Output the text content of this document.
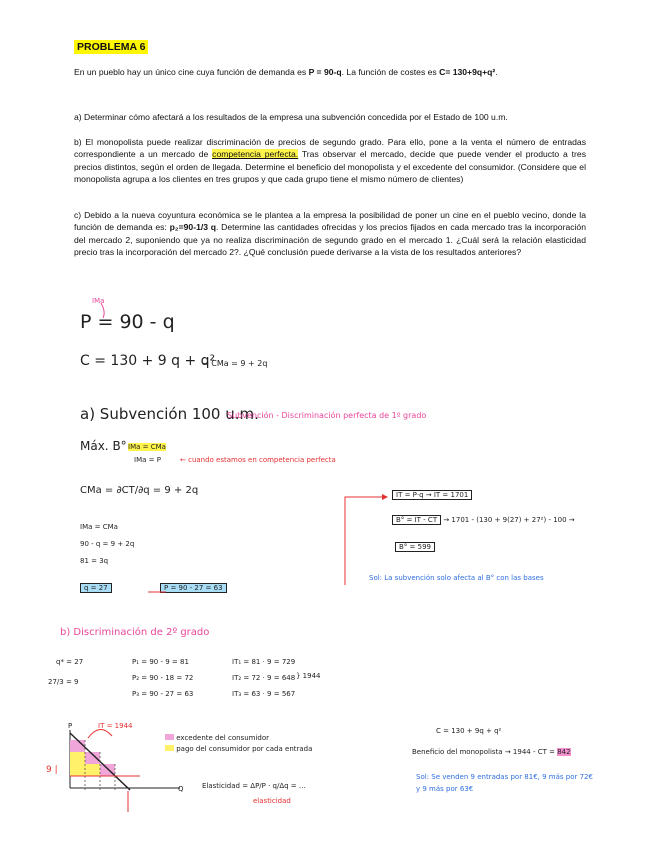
PROBLEMA 6
En un pueblo hay un único cine cuya función de demanda es P = 90-q. La función de costes es C= 130+9q+q².
a) Determinar cómo afectará a los resultados de la empresa una subvención concedida por el Estado de 100 u.m.
b) El monopolista puede realizar discriminación de precios de segundo grado. Para ello, pone a la venta el número de entradas correspondiente a un mercado de competencia perfecta. Tras observar el mercado, decide que puede vender el producto a tres precios distintos, según el orden de llegada. Determine el beneficio del monopolista y el excedente del consumidor. (Considere que el monopolista agrupa a los clientes en tres grupos y que cada grupo tiene el mismo número de clientes)
c) Debido a la nueva coyuntura económica se le plantea a la empresa la posibilidad de poner un cine en el pueblo vecino, donde la función de demanda es: p₂=90-1/3 q. Determine las cantidades ofrecidas y los precios fijados en cada mercado tras la incorporación del mercado 2, suponiendo que ya no realiza discriminación de segundo grado en el mercado 1. ¿Cuál será la relación elasticidad precio tras la incorporación del mercado 2?. ¿Qué conclusión puede derivarse a la vista de los resultados anteriores?
IMa
P = 90 - q
C = 130 + 9 q + q²
→ CMa = 9 + 2q
a) Subvención 100 u.m.
Subvención - Discriminación perfecta de 1º grado
Máx. B° IMa = CMa
IMa = P	← cuando estamos en competencia perfecta
CMa = ∂CT/∂q = 9 + 2q
IMa = CMa
90 - q = 9 + 2q
81 = 3q
q = 27	P = 90 - 27 = 63
IT = P·q → IT = 1701
B° = IT - CT → 1701 - (130 + 9(27) + 27²) - 100 →
B° = 599
Sol: La subvención solo afecta al B° con las bases
b) Discriminación de 2º grado
q* = 27
27/3 = 9
P₁ = 90 - 9 = 81
P₂ = 90 - 18 = 72
P₃ = 90 - 27 = 63
IT₁ = 81 · 9 = 729
IT₂ = 72 · 9 = 648
IT₃ = 63 · 9 = 567
} 1944
P
Q
IT = 1944
9 |
excedente del consumidor
pago del consumidor por cada entrada
Elasticidad = ΔP/P · q/Δq = …
elasticidad
C = 130 + 9q + q²
Beneficio del monopolista → 1944 - CT = 842
Sol: Se venden 9 entradas por 81€, 9 más por 72€
y 9 más por 63€
